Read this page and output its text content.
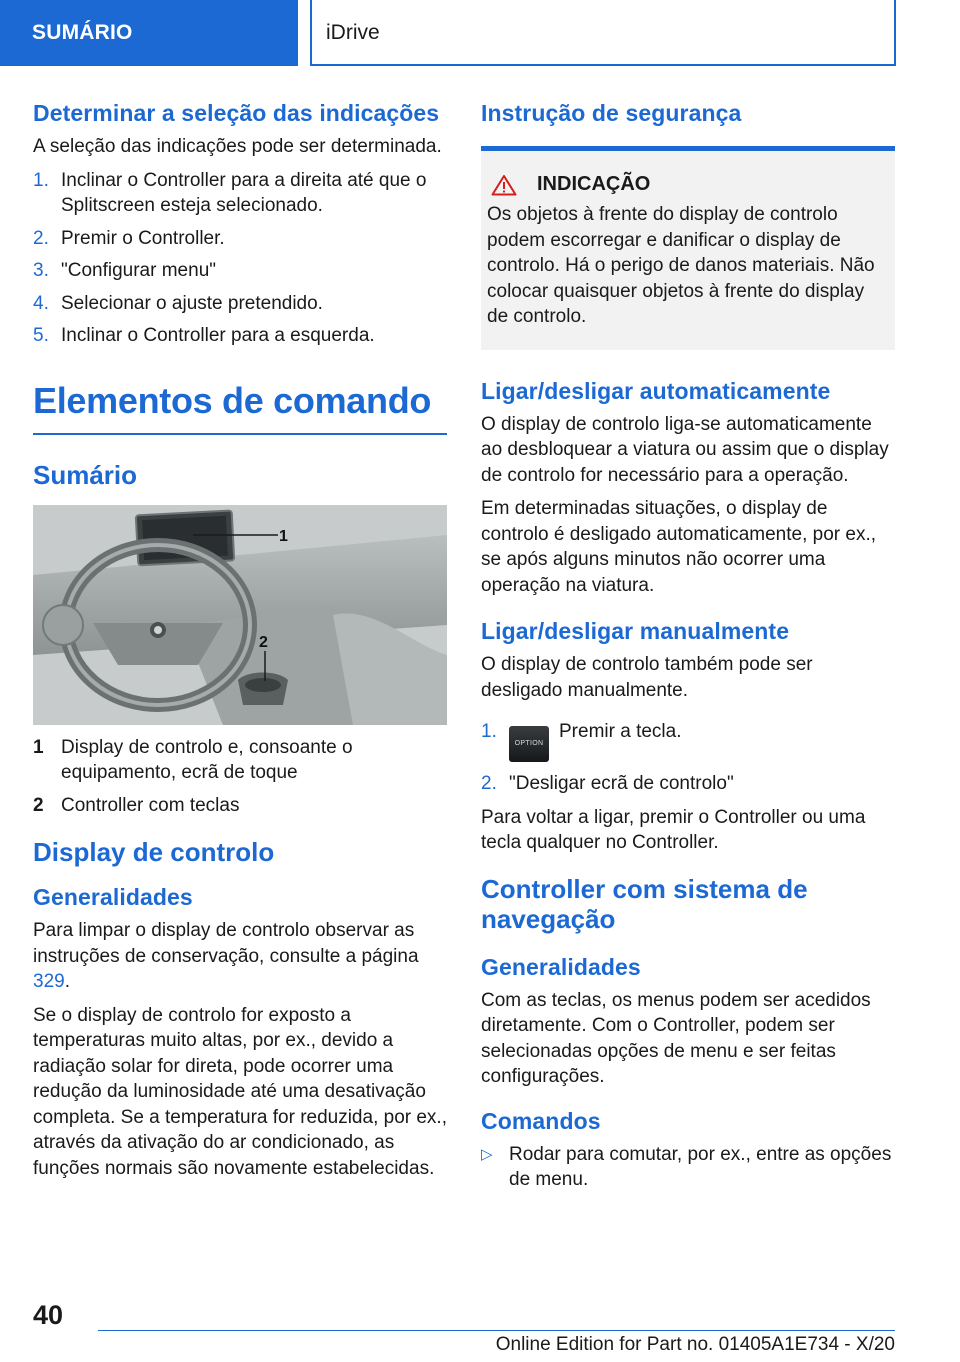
SUMÁRIO	iDrive
Determinar a seleção das indicações

A seleção das indicações pode ser determinada.

1. Inclinar o Controller para a direita até que o Splitscreen esteja selecionado.
2. Premir o Controller.
3. "Configurar menu"
4. Selecionar o ajuste pretendido.
5. Inclinar o Controller para a esquerda.
Elementos de comando
Sumário
1
2
1 Display de controlo e, consoante o equipamento, ecrã de toque
2 Controller com teclas
Display de controlo
Generalidades

Para limpar o display de controlo observar as instruções de conservação, consulte a página 329.

Se o display de controlo for exposto a temperaturas muito altas, por ex., devido a radiação solar for direta, pode ocorrer uma redução da luminosidade até uma desativação completa. Se a temperatura for reduzida, por ex., através da ativação do ar condicionado, as funções normais são novamente estabelecidas.

Instrução de segurança
INDICAÇÃO

Os objetos à frente do display de controlo podem escorregar e danificar o display de controlo. Há o perigo de danos materiais. Não colocar quaisquer objetos à frente do display de controlo.

Ligar/desligar automaticamente

O display de controlo liga-se automaticamente ao desbloquear a viatura ou assim que o display de controlo for necessário para a operação.

Em determinadas situações, o display de controlo é desligado automaticamente, por ex., se após alguns minutos não ocorrer uma operação na viatura.

Ligar/desligar manualmente

O display de controlo também pode ser desligado manualmente.

1.
OPTIONPremir a tecla.
2. "Desligar ecrã de controlo"

Para voltar a ligar, premir o Controller ou uma tecla qualquer no Controller.

Controller com sistema de navegação
Generalidades

Com as teclas, os menus podem ser acedidos diretamente. Com o Controller, podem ser selecionadas opções de menu e ser feitas configurações.

Comandos
▷ Rodar para comutar, por ex., entre as opções de menu.
40
Online Edition for Part no. 01405A1E734 - X/20
